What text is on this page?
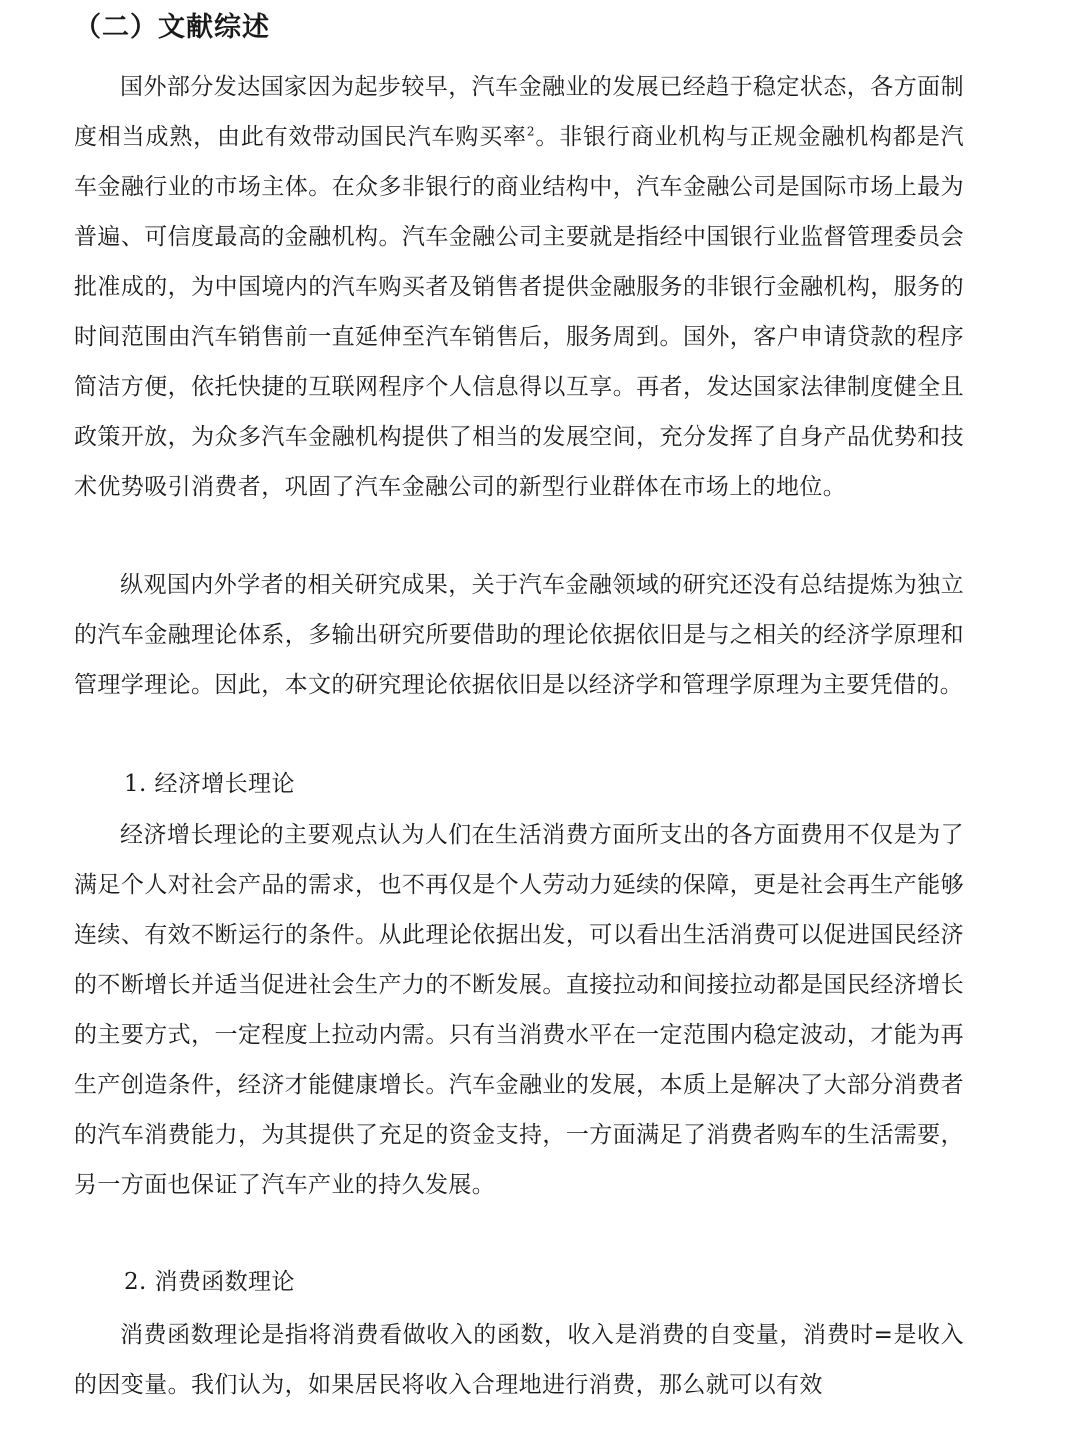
（二）文献综述

国外部分发达国家因为起步较早，汽车金融业的发展已经趋于稳定状态，各方面制度相当成熟，由此有效带动国民汽车购买率$^2$。非银行商业机构与正规金融机构都是汽车金融行业的市场主体。在众多非银行的商业结构中，汽车金融公司是国际市场上最为普遍、可信度最高的金融机构。汽车金融公司主要就是指经中国银行业监督管理委员会批准成的，为中国境内的汽车购买者及销售者提供金融服务的非银行金融机构，服务的时间范围由汽车销售前一直延伸至汽车销售后，服务周到。国外，客户申请贷款的程序简洁方便，依托快捷的互联网程序个人信息得以互享。再者，发达国家法律制度健全且政策开放，为众多汽车金融机构提供了相当的发展空间，充分发挥了自身产品优势和技术优势吸引消费者，巩固了汽车金融公司的新型行业群体在市场上的地位。

纵观国内外学者的相关研究成果，关于汽车金融领域的研究还没有总结提炼为独立的汽车金融理论体系，多输出研究所要借助的理论依据依旧是与之相关的经济学原理和管理学理论。因此，本文的研究理论依据依旧是以经济学和管理学原理为主要凭借的。

1. 经济增长理论

经济增长理论的主要观点认为人们在生活消费方面所支出的各方面费用不仅是为了满足个人对社会产品的需求，也不再仅是个人劳动力延续的保障，更是社会再生产能够连续、有效不断运行的条件。从此理论依据出发，可以看出生活消费可以促进国民经济的不断增长并适当促进社会生产力的不断发展。直接拉动和间接拉动都是国民经济增长的主要方式，一定程度上拉动内需。只有当消费水平在一定范围内稳定波动，才能为再生产创造条件，经济才能健康增长。汽车金融业的发展，本质上是解决了大部分消费者的汽车消费能力，为其提供了充足的资金支持，一方面满足了消费者购车的生活需要，另一方面也保证了汽车产业的持久发展。

2. 消费函数理论

消费函数理论是指将消费看做收入的函数，收入是消费的自变量，消费时=是收入的因变量。我们认为，如果居民将收入合理地进行消费，那么就可以有效
